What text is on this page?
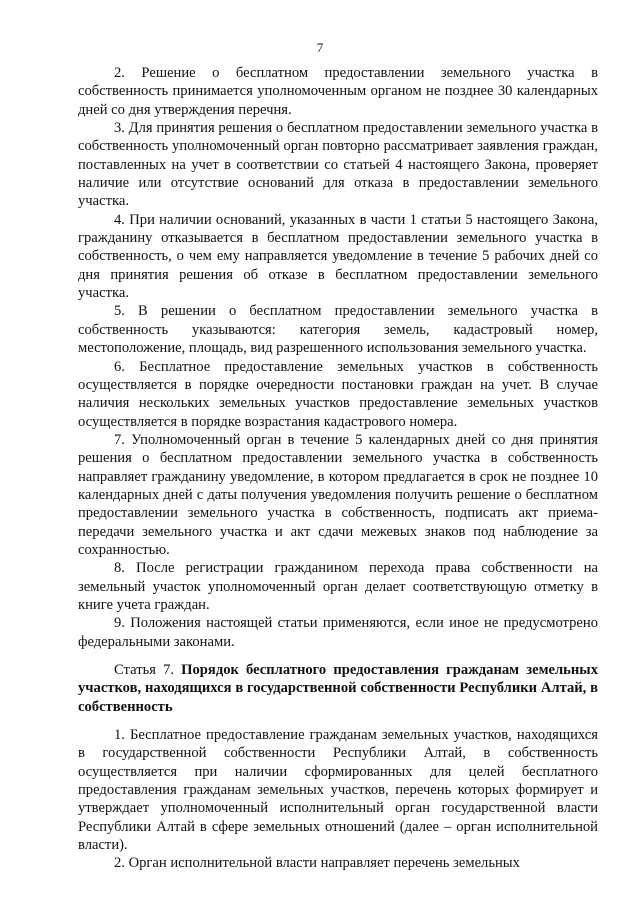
7

2. Решение о бесплатном предоставлении земельного участка в собственность принимается уполномоченным органом не позднее 30 календарных дней со дня утверждения перечня.

3. Для принятия решения о бесплатном предоставлении земельного участка в собственность уполномоченный орган повторно рассматривает заявления граждан, поставленных на учет в соответствии со статьей 4 настоящего Закона, проверяет наличие или отсутствие оснований для отказа в предоставлении земельного участка.

4. При наличии оснований, указанных в части 1 статьи 5 настоящего Закона, гражданину отказывается в бесплатном предоставлении земельного участка в собственность, о чем ему направляется уведомление в течение 5 рабочих дней со дня принятия решения об отказе в бесплатном предоставлении земельного участка.

5. В решении о бесплатном предоставлении земельного участка в собственность указываются: категория земель, кадастровый номер, местоположение, площадь, вид разрешенного использования земельного участка.

6. Бесплатное предоставление земельных участков в собственность осуществляется в порядке очередности постановки граждан на учет. В случае наличия нескольких земельных участков предоставление земельных участков осуществляется в порядке возрастания кадастрового номера.

7. Уполномоченный орган в течение 5 календарных дней со дня принятия решения о бесплатном предоставлении земельного участка в собственность направляет гражданину уведомление, в котором предлагается в срок не позднее 10 календарных дней с даты получения уведомления получить решение о бесплатном предоставлении земельного участка в собственность, подписать акт приема-передачи земельного участка и акт сдачи межевых знаков под наблюдение за сохранностью.

8. После регистрации гражданином перехода права собственности на земельный участок уполномоченный орган делает соответствующую отметку в книге учета граждан.

9. Положения настоящей статьи применяются, если иное не предусмотрено федеральными законами.

Статья 7. Порядок бесплатного предоставления гражданам земельных участков, находящихся в государственной собственности Республики Алтай, в собственность

1. Бесплатное предоставление гражданам земельных участков, находящихся в государственной собственности Республики Алтай, в собственность осуществляется при наличии сформированных для целей бесплатного предоставления гражданам земельных участков, перечень которых формирует и утверждает уполномоченный исполнительный орган государственной власти Республики Алтай в сфере земельных отношений (далее – орган исполнительной власти).

2. Орган исполнительной власти направляет перечень земельных
